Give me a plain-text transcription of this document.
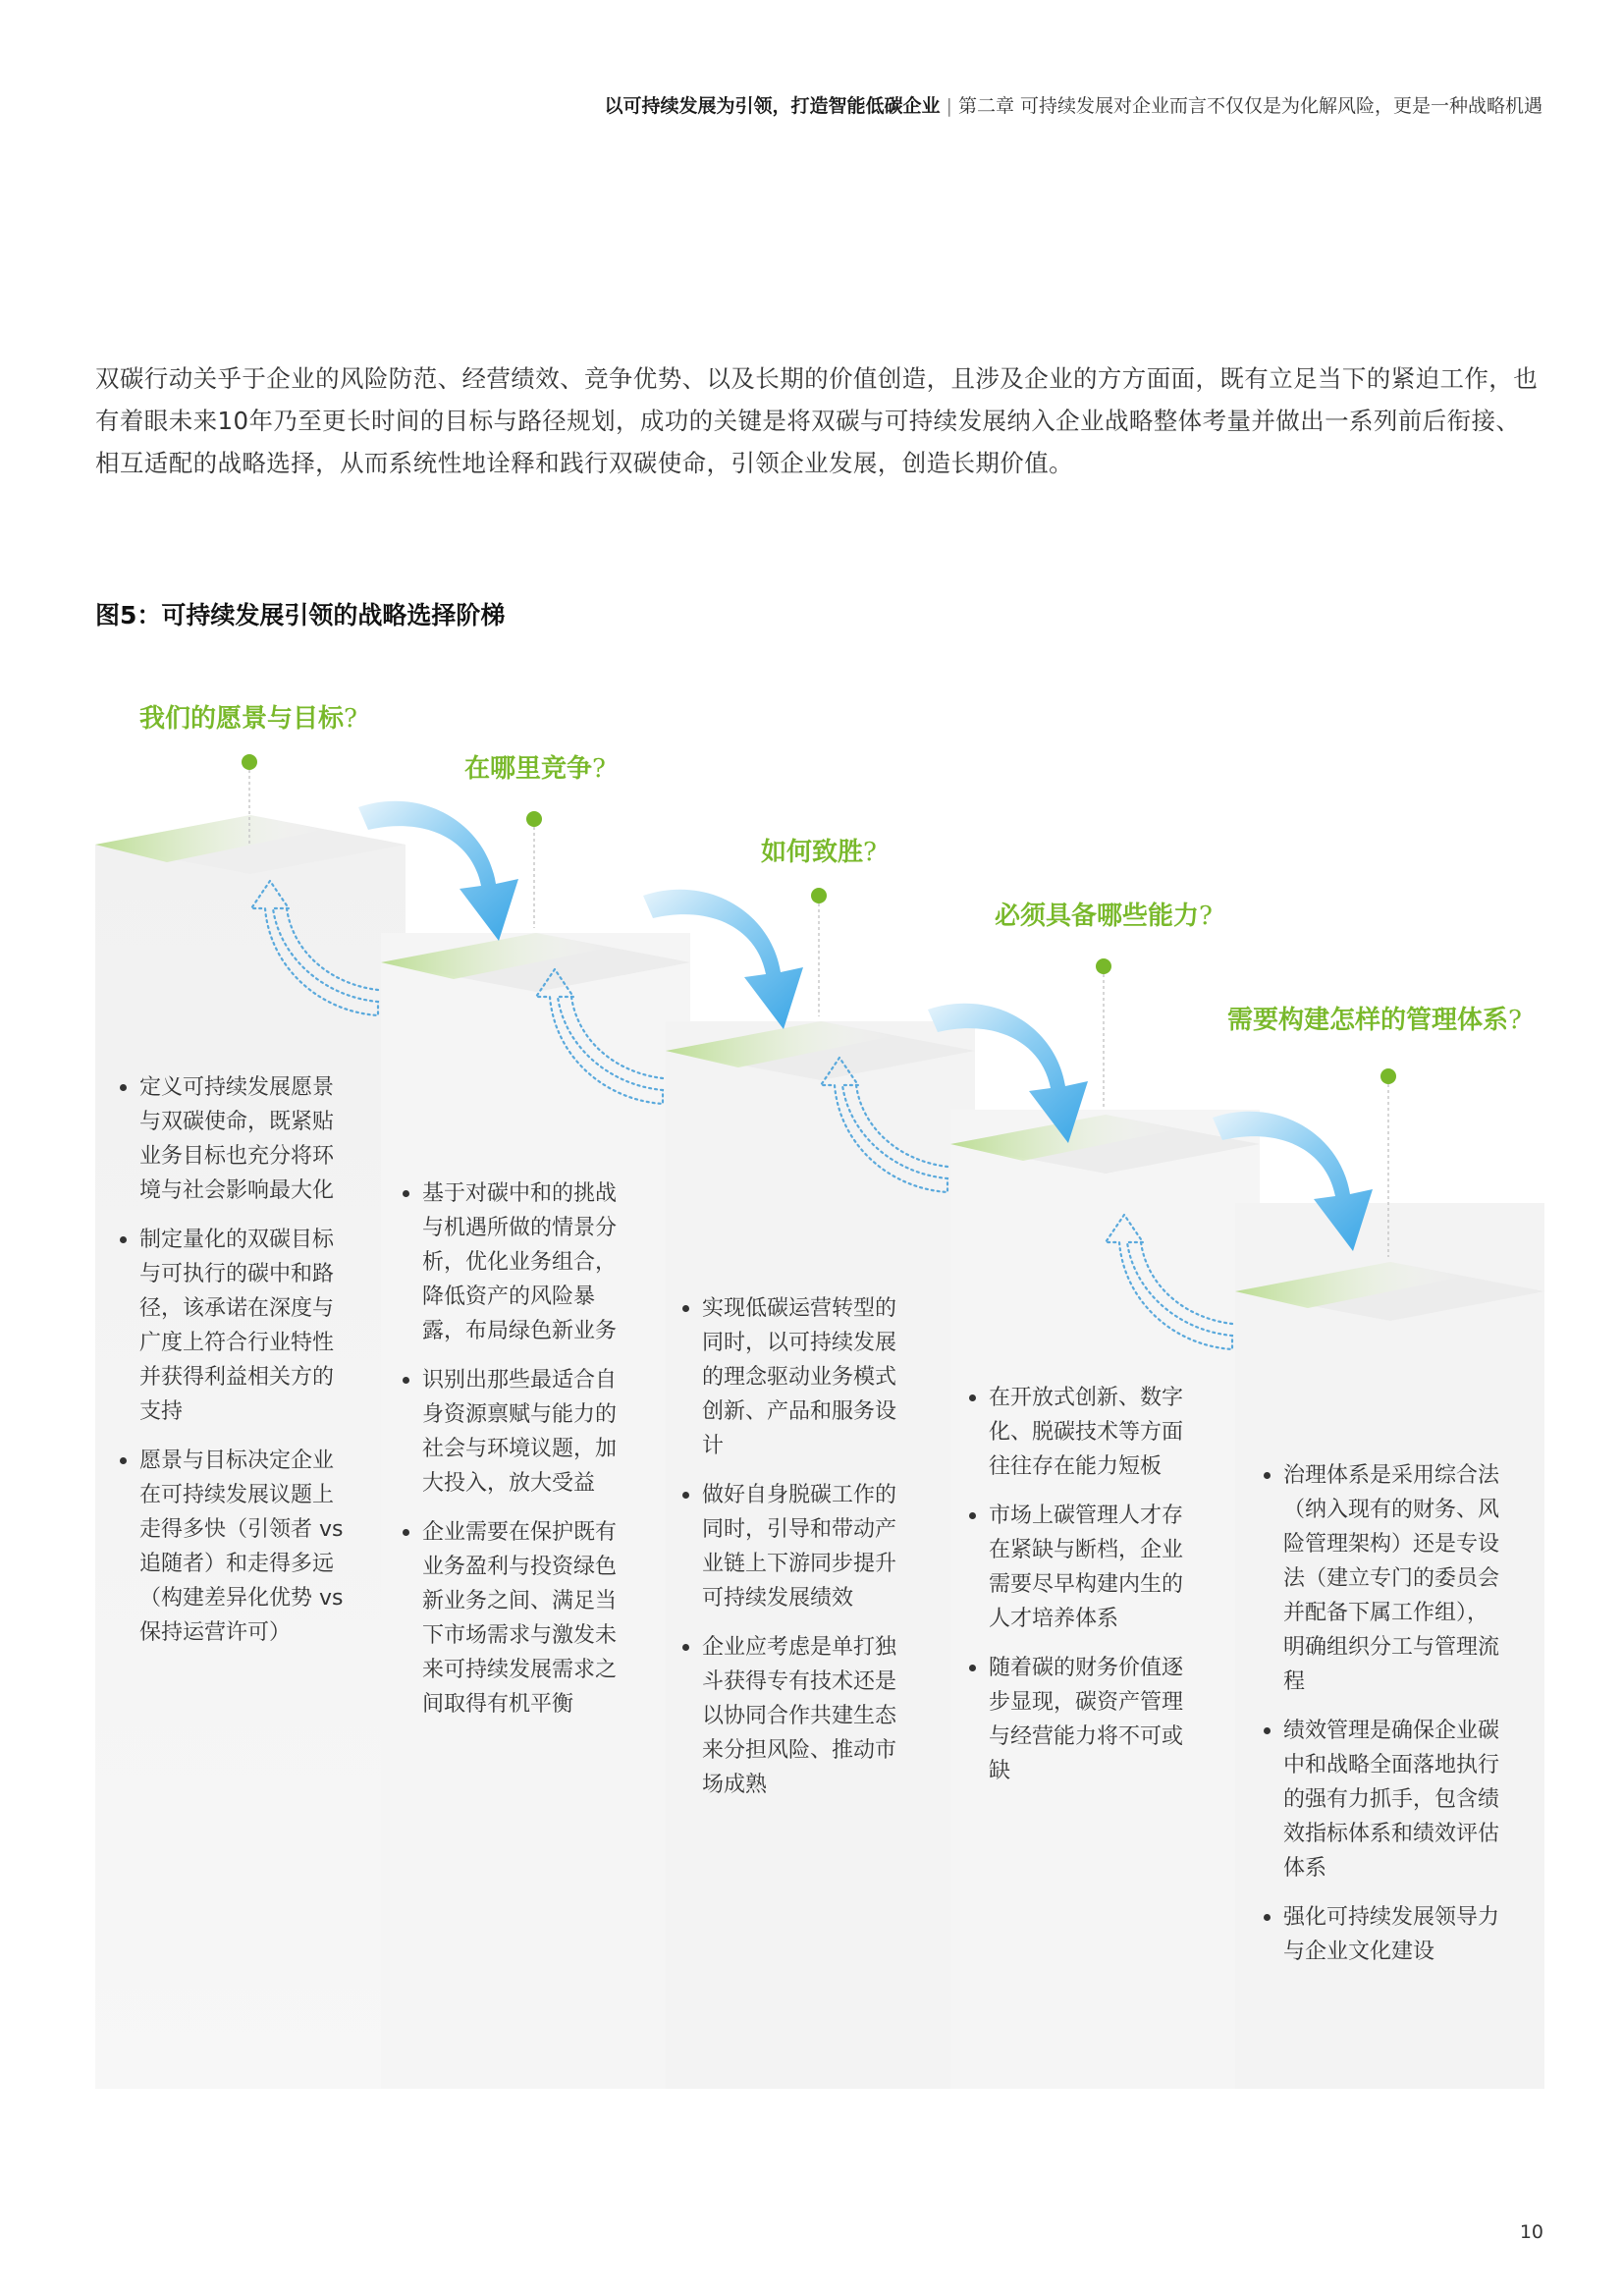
以可持续发展为引领，打造智能低碳企业 | 第二章 可持续发展对企业而言不仅仅是为化解风险，更是一种战略机遇

双碳行动关乎于企业的风险防范、经营绩效、竞争优势、以及长期的价值创造，且涉及企业的方方面面，既有立足当下的紧迫工作，也有着眼未来10年乃至更长时间的目标与路径规划，成功的关键是将双碳与可持续发展纳入企业战略整体考量并做出一系列前后衔接、相互适配的战略选择，从而系统性地诠释和践行双碳使命，引领企业发展，创造长期价值。

图5：可持续发展引领的战略选择阶梯
我们的愿景与目标?
在哪里竞争?
如何致胜?
必须具备哪些能力?
需要构建怎样的管理体系?
定义可持续发展愿景与双碳使命，既紧贴业务目标也充分将环境与社会影响最大化
制定量化的双碳目标与可执行的碳中和路径，该承诺在深度与广度上符合行业特性并获得利益相关方的支持
愿景与目标决定企业在可持续发展议题上走得多快（引领者 vs 追随者）和走得多远（构建差异化优势 vs 保持运营许可）
基于对碳中和的挑战与机遇所做的情景分析，优化业务组合，降低资产的风险暴露，布局绿色新业务
识别出那些最适合自身资源禀赋与能力的社会与环境议题，加大投入，放大受益
企业需要在保护既有业务盈利与投资绿色新业务之间、满足当下市场需求与激发未来可持续发展需求之间取得有机平衡
实现低碳运营转型的同时，以可持续发展的理念驱动业务模式创新、产品和服务设计
做好自身脱碳工作的同时，引导和带动产业链上下游同步提升可持续发展绩效
企业应考虑是单打独斗获得专有技术还是以协同合作共建生态来分担风险、推动市场成熟
在开放式创新、数字化、脱碳技术等方面往往存在能力短板
市场上碳管理人才存在紧缺与断档，企业需要尽早构建内生的人才培养体系
随着碳的财务价值逐步显现，碳资产管理与经营能力将不可或缺
治理体系是采用综合法（纳入现有的财务、风险管理架构）还是专设法（建立专门的委员会并配备下属工作组），明确组织分工与管理流程
绩效管理是确保企业碳中和战略全面落地执行的强有力抓手，包含绩效指标体系和绩效评估体系
强化可持续发展领导力与企业文化建设
10
